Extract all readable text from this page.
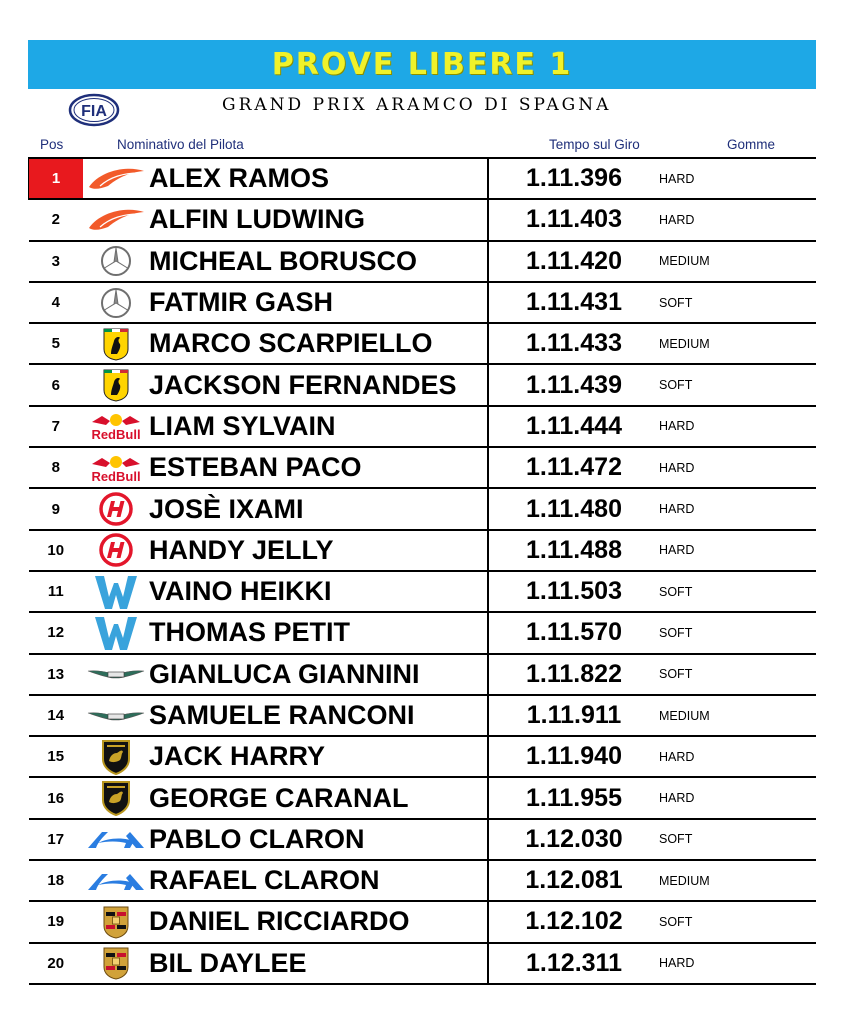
PROVE LIBERE 1
FIA	GRAND PRIX ARAMCO DI SPAGNA
Pos	Nominativo del Pilota	Tempo sul Giro	Gomme
1		ALEX RAMOS	1.11.396	HARD
2		ALFIN LUDWING	1.11.403	HARD
3		MICHEAL BORUSCO	1.11.420	MEDIUM
4		FATMIR GASH	1.11.431	SOFT
5		MARCO SCARPIELLO	1.11.433	MEDIUM
6		JACKSON FERNANDES	1.11.439	SOFT
7	RedBull	LIAM SYLVAIN	1.11.444	HARD
8	RedBull	ESTEBAN PACO	1.11.472	HARD
9		JOSÈ IXAMI	1.11.480	HARD
10		HANDY JELLY	1.11.488	HARD
11		VAINO HEIKKI	1.11.503	SOFT
12		THOMAS PETIT	1.11.570	SOFT
13		GIANLUCA GIANNINI	1.11.822	SOFT
14		SAMUELE RANCONI	1.11.911	MEDIUM
15		JACK HARRY	1.11.940	HARD
16		GEORGE CARANAL	1.11.955	HARD
17		PABLO CLARON	1.12.030	SOFT
18		RAFAEL CLARON	1.12.081	MEDIUM
19		DANIEL RICCIARDO	1.12.102	SOFT
20		BIL DAYLEE	1.12.311	HARD
